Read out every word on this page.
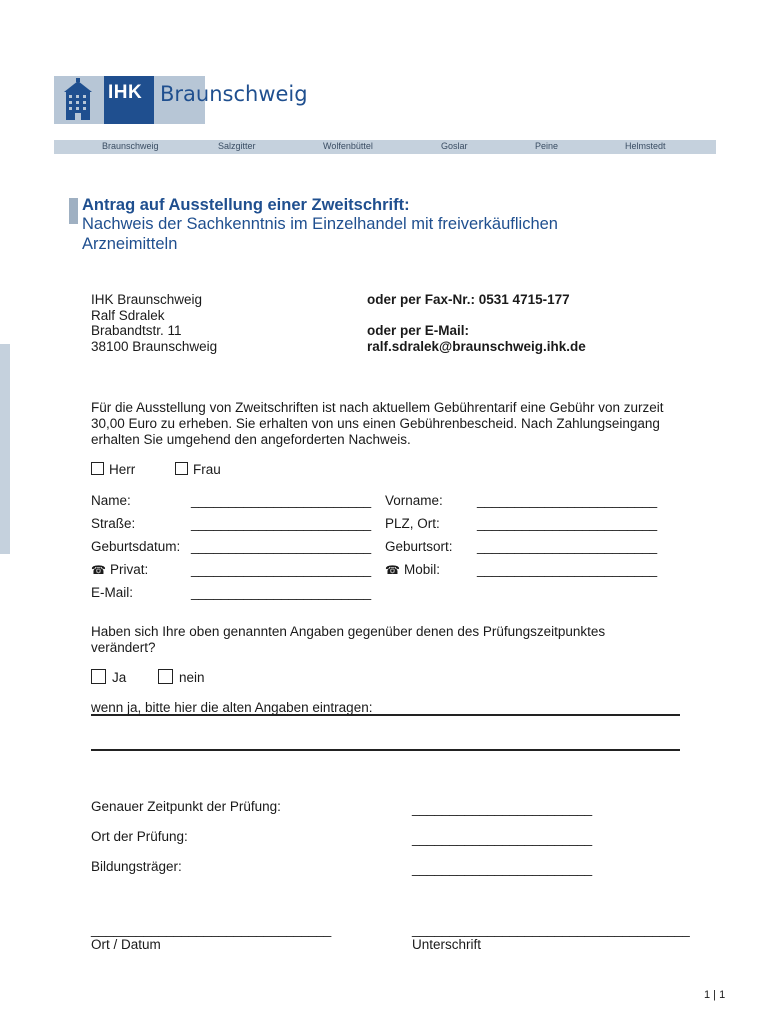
IHK Braunschweig
Braunschweig	Salzgitter	Wolfenbüttel	Goslar	Peine	Helmstedt
Antrag auf Ausstellung einer Zweitschrift:
Nachweis der Sachkenntnis im Einzelhandel mit freiverkäuflichen Arzneimitteln
IHK Braunschweig
Ralf Sdralek
Brabandtstr. 11
38100 Braunschweig
oder per Fax-Nr.: 0531 4715-177
oder per E-Mail:
ralf.sdralek@braunschweig.ihk.de
Für die Ausstellung von Zweitschriften ist nach aktuellem Gebührentarif eine Gebühr von zurzeit 30,00 Euro zu erheben. Sie erhalten von uns einen Gebührenbescheid. Nach Zahlungseingang erhalten Sie umgehend den angeforderten Nachweis.
Herr	Frau
Name:	________________________ Vorname:	________________________
Straße:	________________________ PLZ, Ort:	________________________
Geburtsdatum: ________________________ Geburtsort: ________________________
☎ Privat:	________________________ ☎ Mobil:	________________________
E-Mail:	________________________
Haben sich Ihre oben genannten Angaben gegenüber denen des Prüfungszeitpunktes verändert?
Ja	nein
wenn ja, bitte hier die alten Angaben eintragen:
Genauer Zeitpunkt der Prüfung:	________________________
Ort der Prüfung:	________________________
Bildungsträger:	________________________
________________________________
Ort / Datum
_____________________________________
Unterschrift
1 | 1
